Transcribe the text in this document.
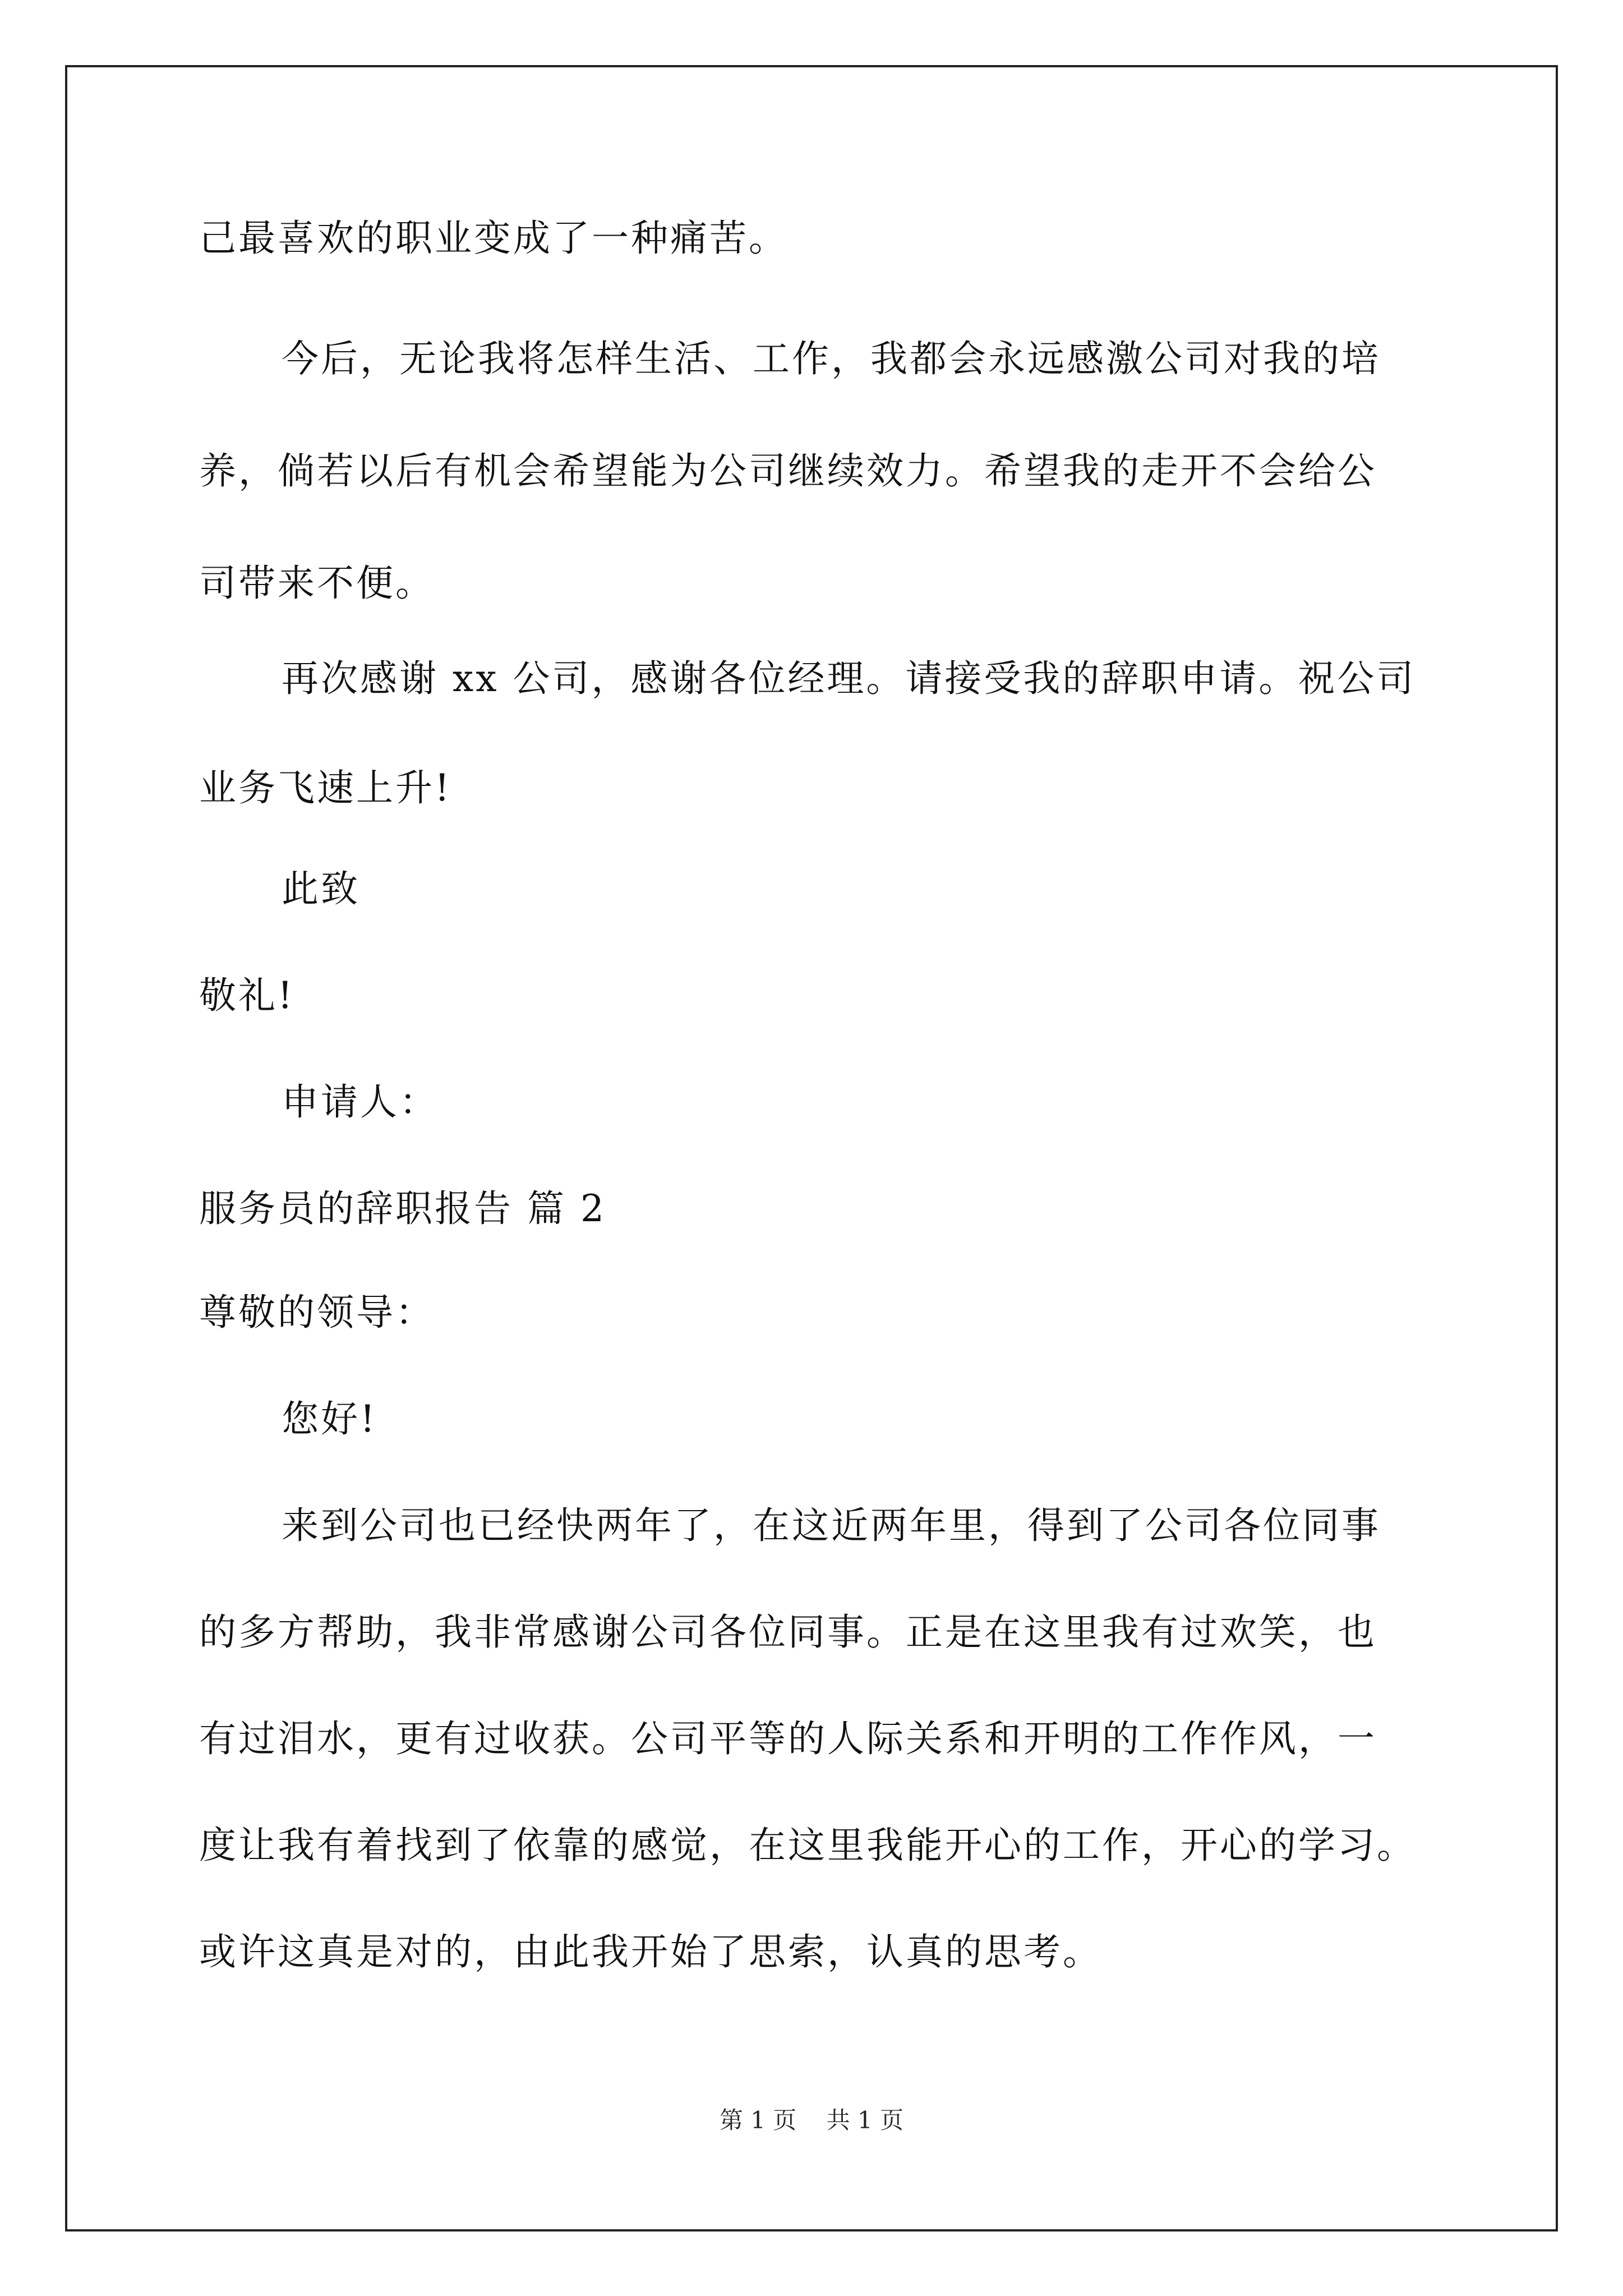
己最喜欢的职业变成了一种痛苦。

今后，无论我将怎样生活、工作，我都会永远感激公司对我的培

养，倘若以后有机会希望能为公司继续效力。希望我的走开不会给公

司带来不便。

再次感谢 xx 公司，感谢各位经理。请接受我的辞职申请。祝公司

业务飞速上升!

此致

敬礼!

申请人：

服务员的辞职报告 篇 2

尊敬的领导：

您好!

来到公司也已经快两年了，在这近两年里，得到了公司各位同事

的多方帮助，我非常感谢公司各位同事。正是在这里我有过欢笑，也

有过泪水，更有过收获。公司平等的人际关系和开明的工作作风，一

度让我有着找到了依靠的感觉，在这里我能开心的工作，开心的学习。

或许这真是对的，由此我开始了思索，认真的思考。

第 1 页    共 1 页
